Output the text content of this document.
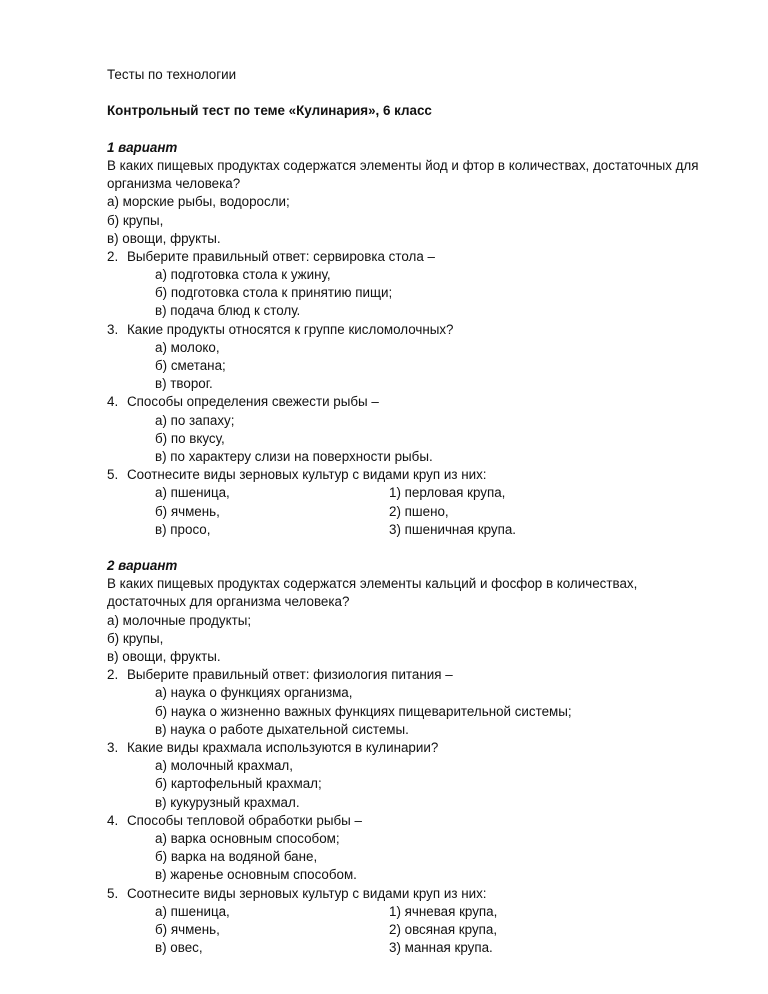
Тесты по технологии
Контрольный тест по теме «Кулинария», 6 класс
1 вариант
В каких пищевых продуктах содержатся элементы йод и фтор в количествах, достаточных для организма человека?
а) морские рыбы, водоросли;
б) крупы,
в) овощи, фрукты.
2. Выберите правильный ответ: сервировка стола –
а) подготовка стола к ужину,
б) подготовка стола к принятию пищи;
в) подача блюд к столу.
3. Какие продукты относятся к группе кисломолочных?
а) молоко,
б) сметана;
в) творог.
4. Способы определения свежести рыбы –
а) по запаху;
б) по вкусу,
в) по характеру слизи на поверхности рыбы.
5. Соотнесите виды зерновых культур с видами круп из них:
а) пшеница,	1) перловая крупа,
б) ячмень,	2) пшено,
в) просо,	3) пшеничная крупа.
2 вариант
В каких пищевых продуктах содержатся элементы кальций и фосфор в количествах, достаточных для организма человека?
а) молочные продукты;
б) крупы,
в) овощи, фрукты.
2. Выберите правильный ответ: физиология питания –
а) наука о функциях организма,
б) наука о жизненно важных функциях пищеварительной системы;
в) наука о работе дыхательной системы.
3. Какие виды крахмала используются в кулинарии?
а) молочный крахмал,
б) картофельный крахмал;
в) кукурузный крахмал.
4. Способы тепловой обработки рыбы –
а) варка основным способом;
б) варка на водяной бане,
в) жаренье основным способом.
5. Соотнесите виды зерновых культур с видами круп из них:
а) пшеница,	1) ячневая крупа,
б) ячмень,	2) овсяная крупа,
в) овес,	3) манная крупа.
